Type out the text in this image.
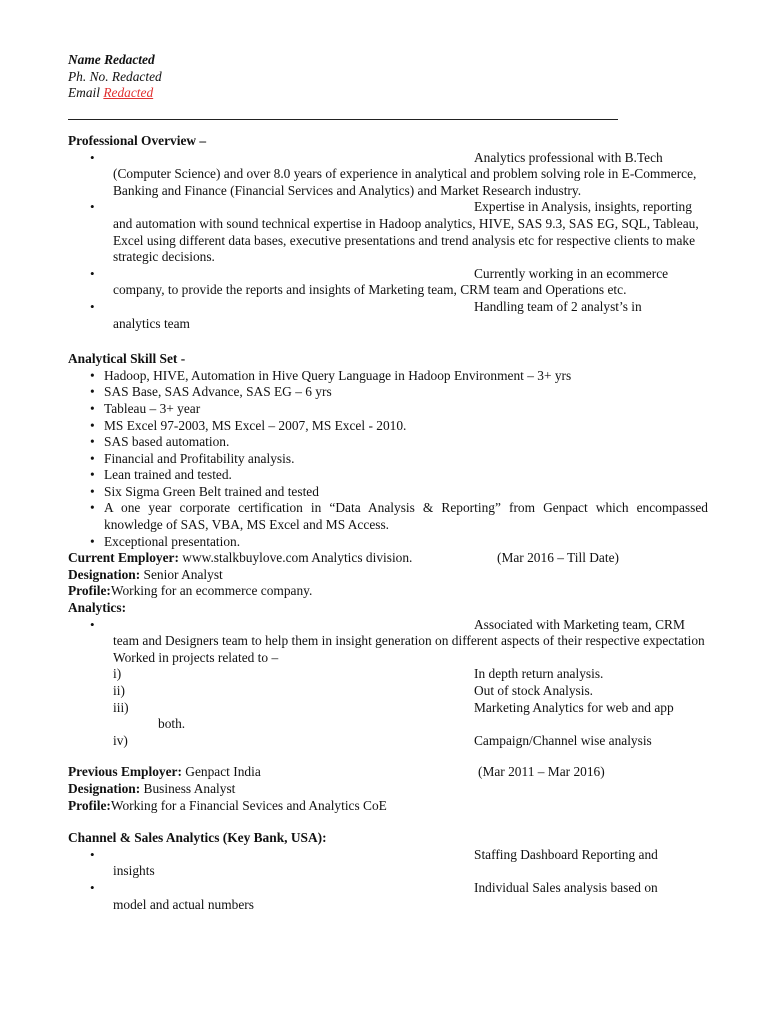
Name Redacted
Ph. No. Redacted
Email Redacted
Professional Overview –
• Analytics professional with B.Tech
(Computer Science) and over 8.0 years of experience in analytical and problem solving role in E-Commerce, Banking and Finance (Financial Services and Analytics) and Market Research industry.
• Expertise in Analysis, insights, reporting
and automation with sound technical expertise in Hadoop analytics, HIVE, SAS 9.3, SAS EG, SQL, Tableau, Excel using different data bases, executive presentations and trend analysis etc for respective clients to make strategic decisions.
• Currently working in an ecommerce
company, to provide the reports and insights of Marketing team, CRM team and Operations etc.
• Handling team of 2 analyst’s in
analytics team
Analytical Skill Set -
• Hadoop, HIVE, Automation in Hive Query Language in Hadoop Environment – 3+ yrs
• SAS Base, SAS Advance, SAS EG – 6 yrs
• Tableau – 3+ year
• MS Excel 97-2003, MS Excel – 2007, MS Excel - 2010.
• SAS based automation.
• Financial and Profitability analysis.
• Lean trained and tested.
• Six Sigma Green Belt trained and tested
• A one year corporate certification in “Data Analysis & Reporting” from Genpact which encompassed knowledge of SAS, VBA, MS Excel and MS Access.
• Exceptional presentation.
Current Employer: www.stalkbuylove.com Analytics division.	(Mar 2016 – Till Date)
Designation: Senior Analyst
Profile:Working for an ecommerce company.
Analytics:
• Associated with Marketing team, CRM
team and Designers team to help them in insight generation on different aspects of their respective expectation
Worked in projects related to –
i)	In depth return analysis.
ii)	Out of stock Analysis.
iii)	Marketing Analytics for web and app
both.
iv)	Campaign/Channel wise analysis
Previous Employer: Genpact India	(Mar 2011 – Mar 2016)
Designation: Business Analyst
Profile:Working for a Financial Sevices and Analytics CoE
Channel & Sales Analytics (Key Bank, USA):
• Staffing Dashboard Reporting and
insights
• Individual Sales analysis based on
model and actual numbers
